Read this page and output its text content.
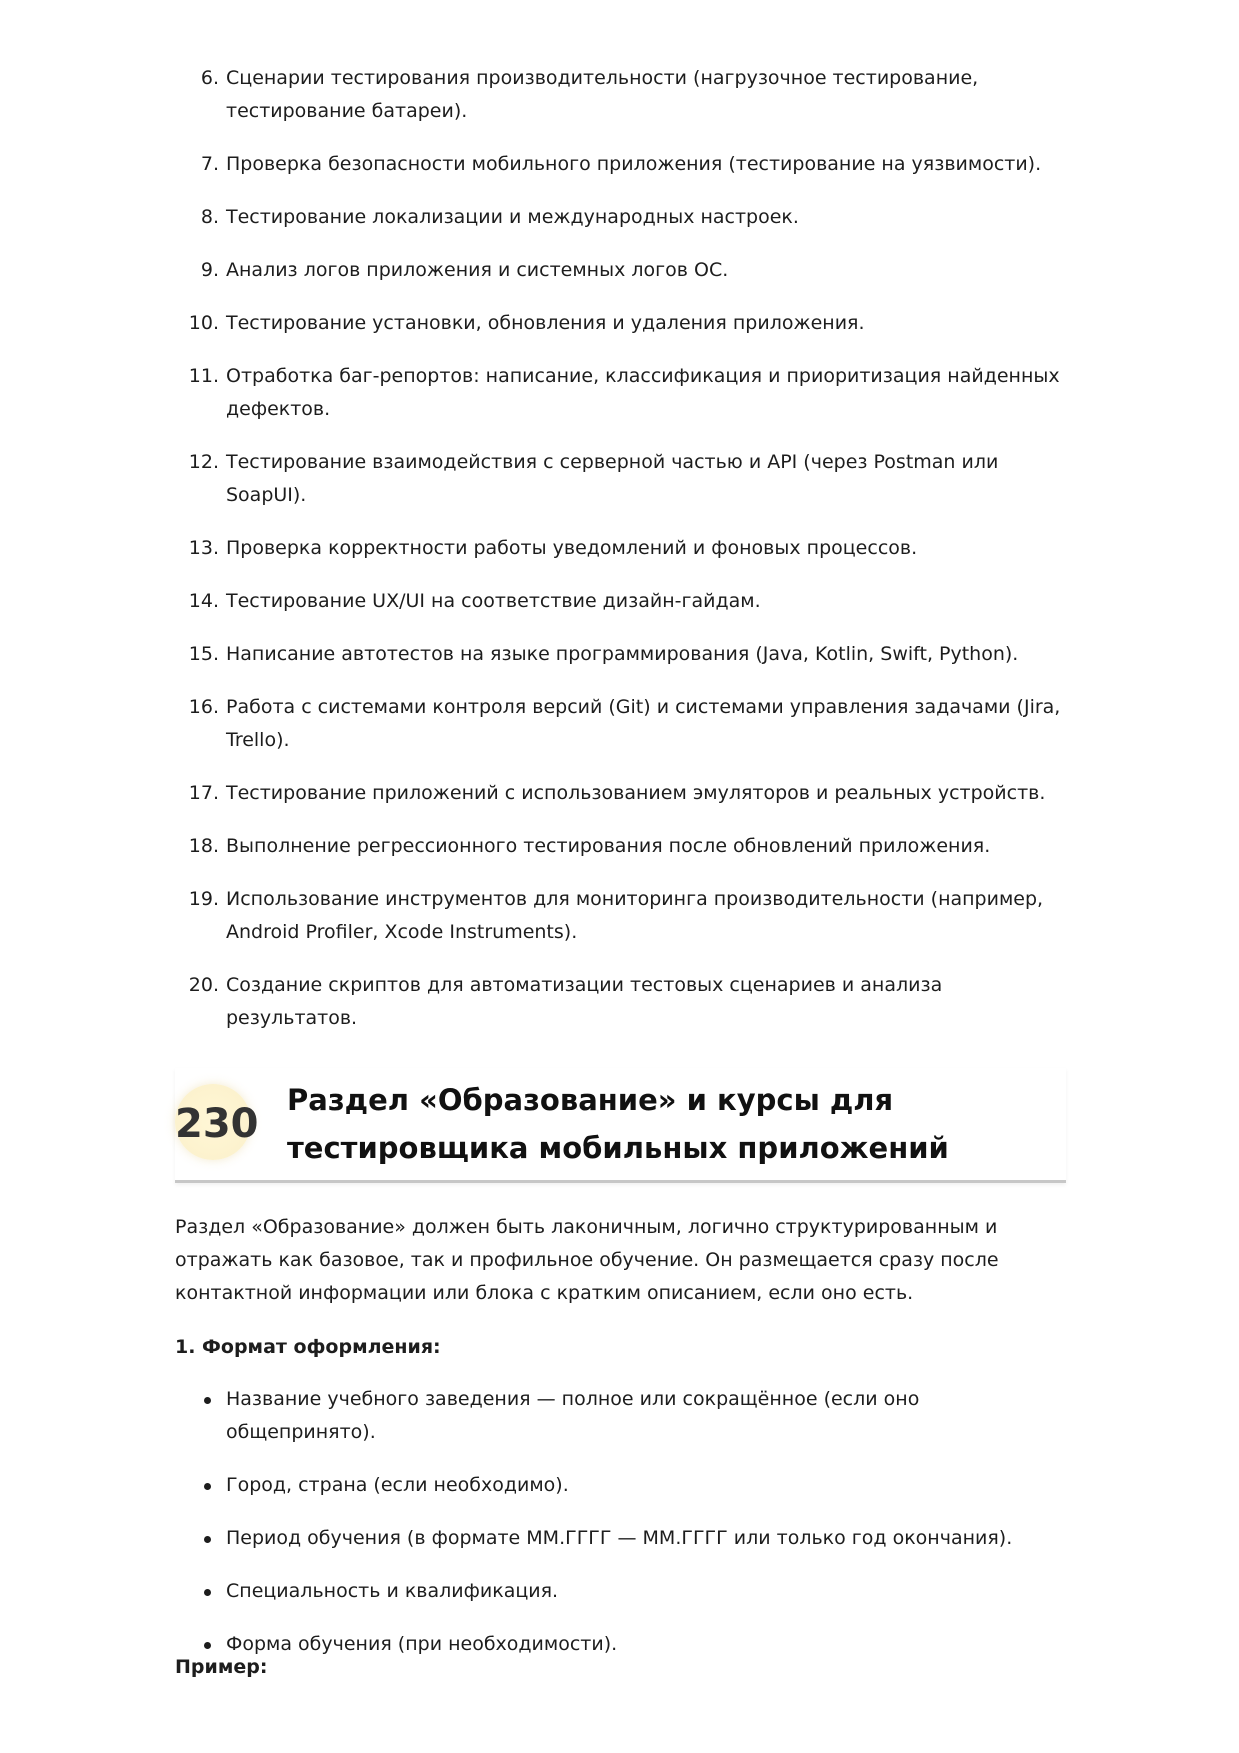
6. Сценарии тестирования производительности (нагрузочное тестирование, тестирование батареи).
7. Проверка безопасности мобильного приложения (тестирование на уязвимости).
8. Тестирование локализации и международных настроек.
9. Анализ логов приложения и системных логов ОС.
10. Тестирование установки, обновления и удаления приложения.
11. Отработка баг-репортов: написание, классификация и приоритизация найденных дефектов.
12. Тестирование взаимодействия с серверной частью и API (через Postman или SoapUI).
13. Проверка корректности работы уведомлений и фоновых процессов.
14. Тестирование UX/UI на соответствие дизайн-гайдам.
15. Написание автотестов на языке программирования (Java, Kotlin, Swift, Python).
16. Работа с системами контроля версий (Git) и системами управления задачами (Jira, Trello).
17. Тестирование приложений с использованием эмуляторов и реальных устройств.
18. Выполнение регрессионного тестирования после обновлений приложения.
19. Использование инструментов для мониторинга производительности (например, Android Profiler, Xcode Instruments).
20. Создание скриптов для автоматизации тестовых сценариев и анализа результатов.
230
Раздел «Образование» и курсы для тестировщика мобильных приложений

Раздел «Образование» должен быть лаконичным, логично структурированным и отражать как базовое, так и профильное обучение. Он размещается сразу после контактной информации или блока с кратким описанием, если оно есть.

1. Формат оформления:

Название учебного заведения — полное или сокращённое (если оно общепринято).
Город, страна (если необходимо).
Период обучения (в формате ММ.ГГГГ — ММ.ГГГГ или только год окончания).
Специальность и квалификация.
Форма обучения (при необходимости).

Пример:
